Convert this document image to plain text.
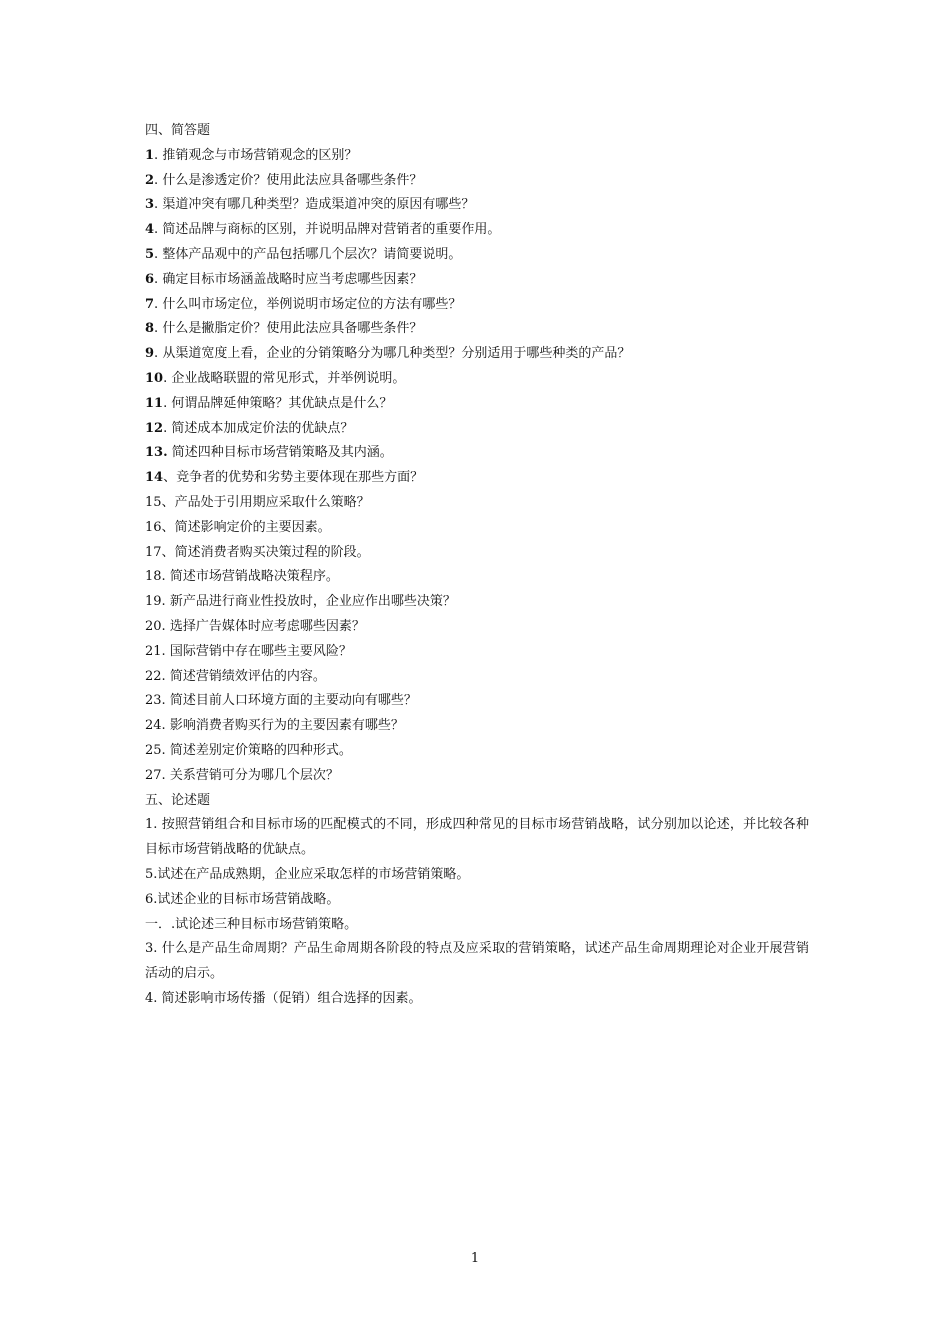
四、简答题
1. 推销观念与市场营销观念的区别？
2. 什么是渗透定价？使用此法应具备哪些条件？
3. 渠道冲突有哪几种类型？造成渠道冲突的原因有哪些？
4. 简述品牌与商标的区别，并说明品牌对营销者的重要作用。
5. 整体产品观中的产品包括哪几个层次？请简要说明。
6. 确定目标市场涵盖战略时应当考虑哪些因素？
7. 什么叫市场定位，举例说明市场定位的方法有哪些？
8. 什么是撇脂定价？使用此法应具备哪些条件？
9. 从渠道宽度上看，企业的分销策略分为哪几种类型？分别适用于哪些种类的产品？
10. 企业战略联盟的常见形式，并举例说明。
11. 何谓品牌延伸策略？其优缺点是什么？
12. 简述成本加成定价法的优缺点？
13. 简述四种目标市场营销策略及其内涵。
14、竞争者的优势和劣势主要体现在那些方面？
15、产品处于引用期应采取什么策略？
16、简述影响定价的主要因素。
17、简述消费者购买决策过程的阶段。
18. 简述市场营销战略决策程序。
19. 新产品进行商业性投放时，企业应作出哪些决策？
20. 选择广告媒体时应考虑哪些因素？
21. 国际营销中存在哪些主要风险？
22. 简述营销绩效评估的内容。
23. 简述目前人口环境方面的主要动向有哪些？
24. 影响消费者购买行为的主要因素有哪些？
25. 简述差别定价策略的四种形式。
27. 关系营销可分为哪几个层次？
五、论述题
1. 按照营销组合和目标市场的匹配模式的不同，形成四种常见的目标市场营销战略，试分别加以论述，并比较各种目标市场营销战略的优缺点。
5.试述在产品成熟期，企业应采取怎样的市场营销策略。
6.试述企业的目标市场营销战略。
一．.试论述三种目标市场营销策略。
3. 什么是产品生命周期？产品生命周期各阶段的特点及应采取的营销策略，试述产品生命周期理论对企业开展营销活动的启示。
4. 简述影响市场传播（促销）组合选择的因素。
1
